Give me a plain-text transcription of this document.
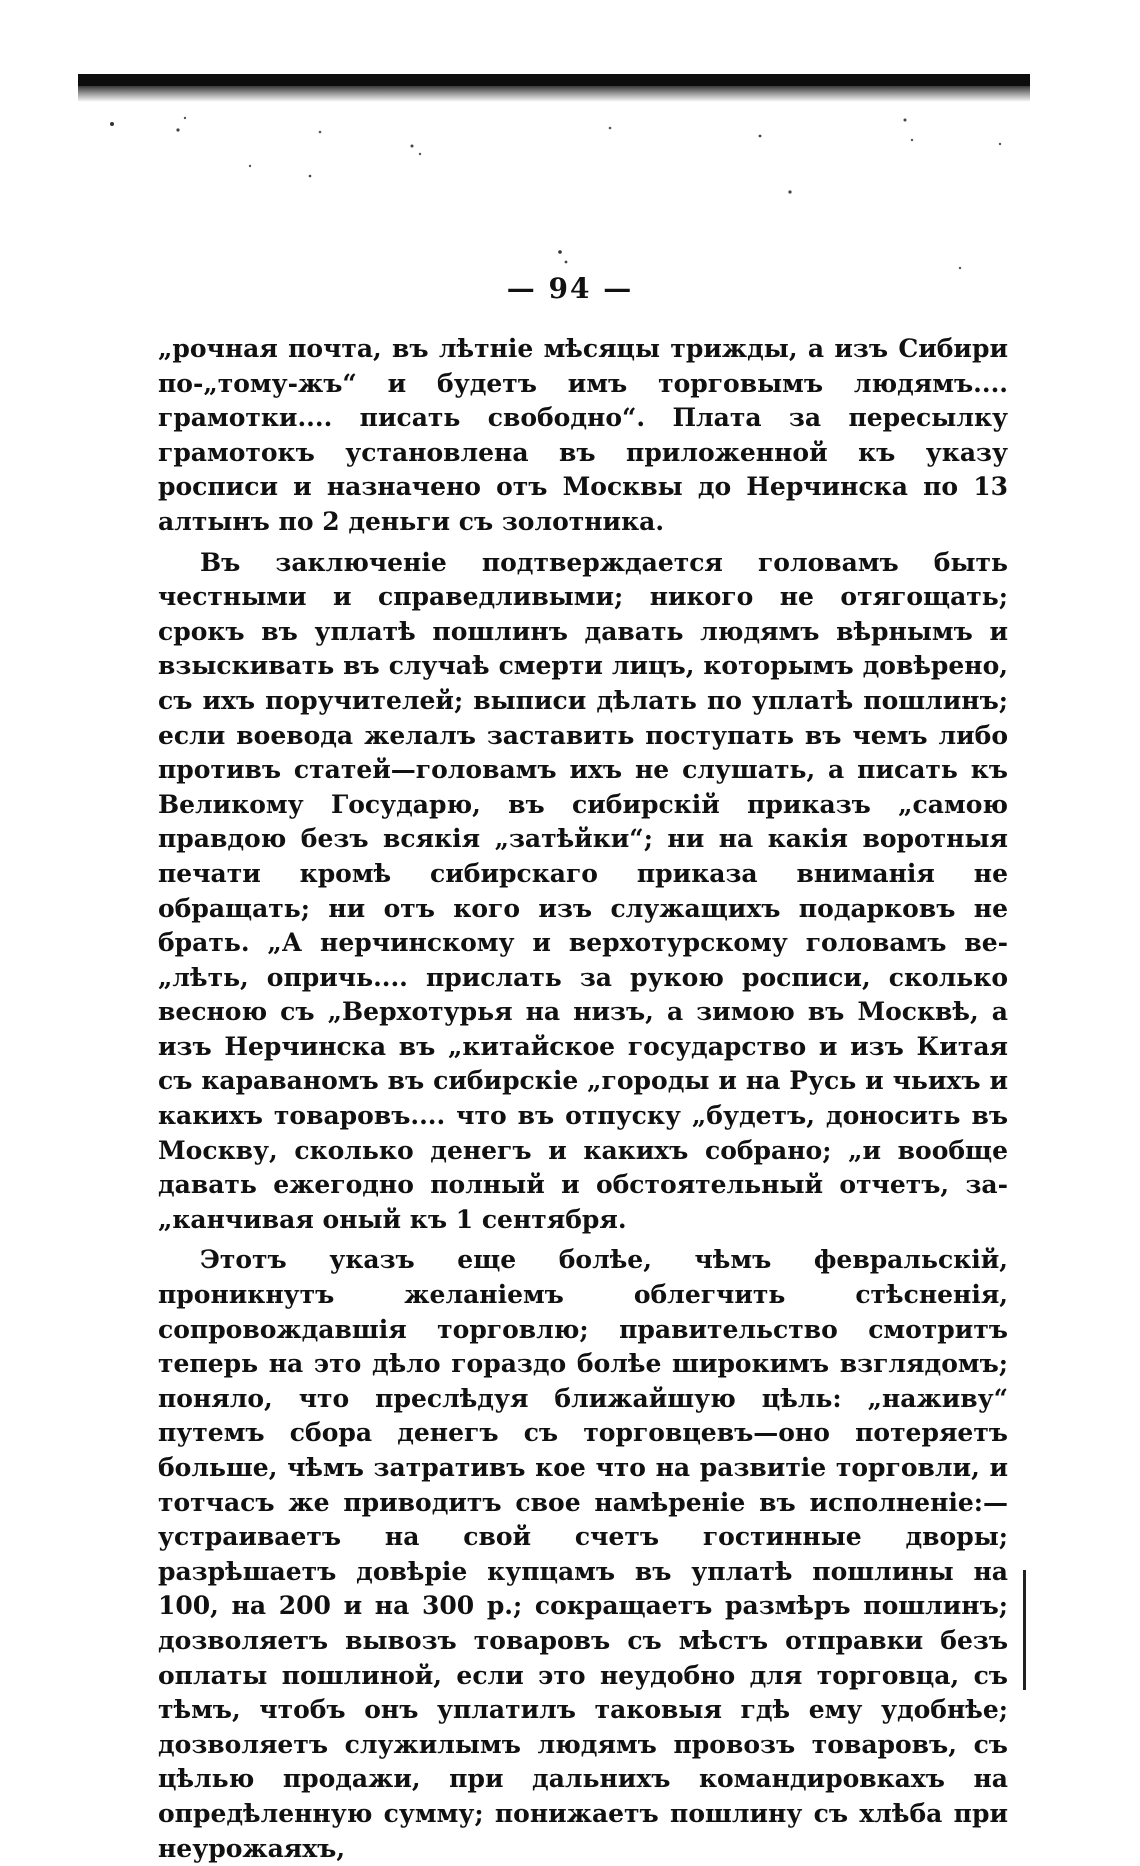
— 94 —

„рочная почта, въ лѣтніе мѣсяцы трижды, а изъ Сибири по-„тому-жъ“ и будетъ имъ торговымъ людямъ.... грамотки.... писать свободно“. Плата за пересылку грамотокъ установлена въ приложенной къ указу росписи и назначено отъ Москвы до Нерчинска по 13 алтынъ по 2 деньги съ золотника.

Въ заключеніе подтверждается головамъ быть честными и справедливыми; никого не отягощать; срокъ въ уплатѣ пошлинъ давать людямъ вѣрнымъ и взыскивать въ случаѣ смерти лицъ, которымъ довѣрено, съ ихъ поручителей; выписи дѣлать по уплатѣ пошлинъ; если воевода желалъ заставить поступать въ чемъ либо противъ статей—головамъ ихъ не слушать, а писать къ Великому Государю, въ сибирскій приказъ „самою правдою безъ всякія „затѣйки“; ни на какія воротныя печати кромѣ сибирскаго приказа вниманія не обращать; ни отъ кого изъ служащихъ подарковъ не брать. „А нерчинскому и верхотурскому головамъ ве-„лѣть, опричь.... прислать за рукою росписи, сколько весною съ „Верхотурья на низъ, а зимою въ Москвѣ, а изъ Нерчинска въ „китайское государство и изъ Китая съ караваномъ въ сибирскіе „городы и на Русь и чьихъ и какихъ товаровъ.... что въ отпуску „будетъ, доносить въ Москву, сколько денегъ и какихъ собрано; „и вообще давать ежегодно полный и обстоятельный отчетъ, за-„канчивая оный къ 1 сентября.

Этотъ указъ еще болѣе, чѣмъ февральскій, проникнутъ желаніемъ облегчить стѣсненія, сопровождавшія торговлю; правительство смотритъ теперь на это дѣло гораздо болѣе широкимъ взглядомъ; поняло, что преслѣдуя ближайшую цѣль: „наживу“ путемъ сбора денегъ съ торговцевъ—оно потеряетъ больше, чѣмъ затративъ кое что на развитіе торговли, и тотчасъ же приводитъ свое намѣреніе въ исполненіе:—устраиваетъ на свой счетъ гостинные дворы; разрѣшаетъ довѣріе купцамъ въ уплатѣ пошлины на 100, на 200 и на 300 р.; сокращаетъ размѣръ пошлинъ; дозволяетъ вывозъ товаровъ съ мѣстъ отправки безъ оплаты пошлиной, если это неудобно для торговца, съ тѣмъ, чтобъ онъ уплатилъ таковыя гдѣ ему удобнѣе; дозволяетъ служилымъ людямъ провозъ товаровъ, съ цѣлью продажи, при дальнихъ командировкахъ на опредѣленную сумму; понижаетъ пошлину съ хлѣба при неурожаяхъ,
